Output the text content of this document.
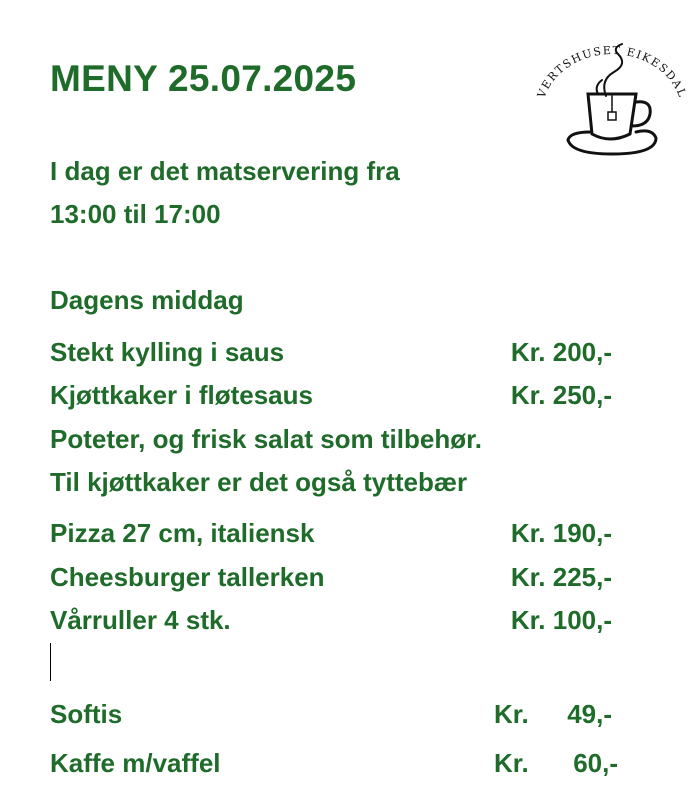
MENY 25.07.2025	VERTSHUSET EIKESDAL
I dag er det matservering fra
13:00 til 17:00
Dagens middag
Stekt kylling i saus	Kr. 200,-
Kjøttkaker i fløtesaus	Kr. 250,-
Poteter, og frisk salat som tilbehør.
Til kjøttkaker er det også tyttebær
Pizza 27 cm, italiensk	Kr. 190,-
Cheesburger tallerken	Kr. 225,-
Vårruller 4 stk.	Kr. 100,-
Softis	Kr. 49,-
Kaffe m/vaffel	Kr. 60,-
